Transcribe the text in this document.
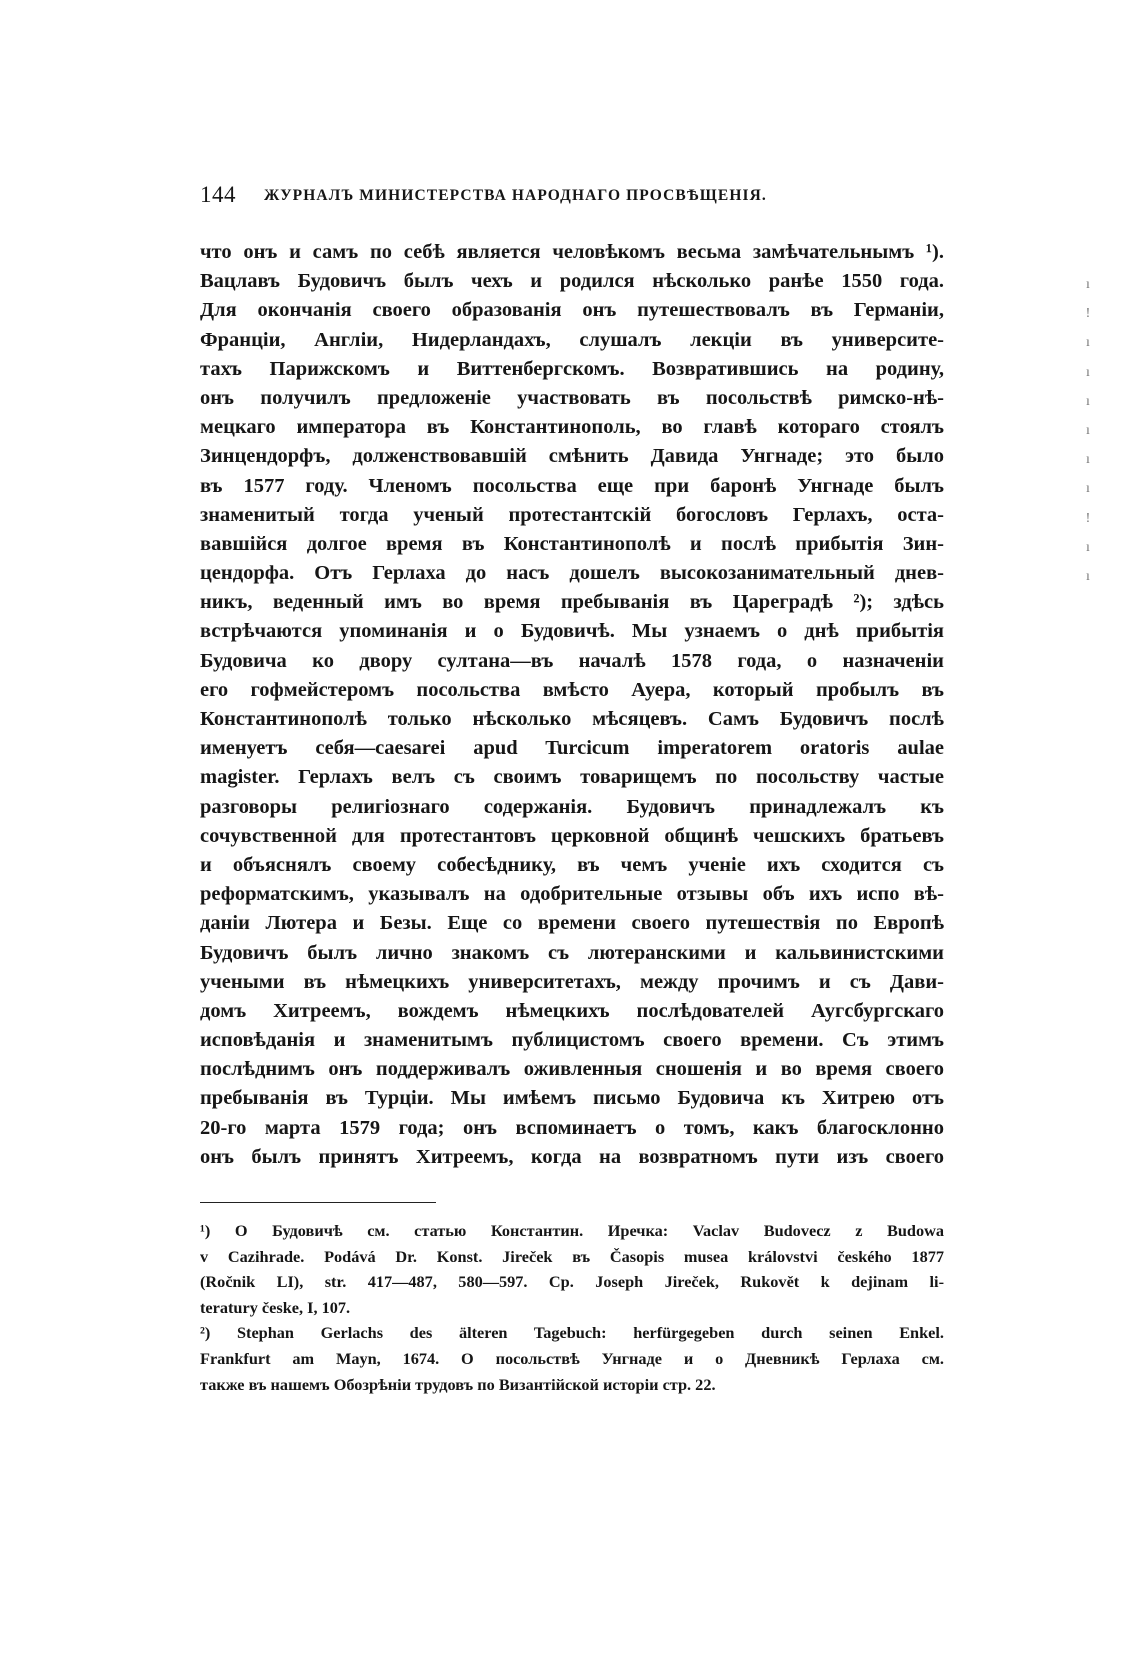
144 ЖУРНАЛЪ МИНИСТЕРСТВА НАРОДНАГО ПРОСВѢЩЕНІЯ.
что онъ и самъ по себѣ является человѣкомъ весьма замѣчательнымъ ¹).
Вацлавъ Будовичъ былъ чехъ и родился нѣсколько ранѣе 1550 года.
Для окончанія своего образованія онъ путешествовалъ въ Германіи,
Франціи, Англіи, Нидерландахъ, слушалъ лекціи въ университе-
тахъ Парижскомъ и Виттенбергскомъ. Возвратившись на родину,
онъ получилъ предложеніе участвовать въ посольствѣ римско-нѣ-
мецкаго императора въ Константинополь, во главѣ котораго стоялъ
Зинцендорфъ, долженствовавшій смѣнить Давида Унгнаде; это было
въ 1577 году. Членомъ посольства еще при баронѣ Унгнаде былъ
знаменитый тогда ученый протестантскій богословъ Герлахъ, оста-
вавшійся долгое время въ Константинополѣ и послѣ прибытія Зин-
цендорфа. Отъ Герлаха до насъ дошелъ высокозанимательный днев-
никъ, веденный имъ во время пребыванія въ Цареградѣ ²); здѣсь
встрѣчаются упоминанія и о Будовичѣ. Мы узнаемъ о днѣ прибытія
Будовича ко двору султана—въ началѣ 1578 года, о назначеніи
его гофмейстеромъ посольства вмѣсто Ауера, который пробылъ въ
Константинополѣ только нѣсколько мѣсяцевъ. Самъ Будовичъ послѣ
именуетъ себя—caesarei apud Turcicum imperatorem oratoris aulae
magister. Герлахъ велъ съ своимъ товарищемъ по посольству частые
разговоры религіознаго содержанія. Будовичъ принадлежалъ къ
сочувственной для протестантовъ церковной общинѣ чешскихъ братьевъ
и объяснялъ своему собесѣднику, въ чемъ ученіе ихъ сходится съ
реформатскимъ, указывалъ на одобрительные отзывы объ ихъ испо вѣ-
даніи Лютера и Безы. Еще со времени своего путешествія по Европѣ
Будовичъ былъ лично знакомъ съ лютеранскими и кальвинистскими
учеными въ нѣмецкихъ университетахъ, между прочимъ и съ Дави-
домъ Хитреемъ, вождемъ нѣмецкихъ послѣдователей Аугсбургскаго
исповѣданія и знаменитымъ публицистомъ своего времени. Съ этимъ
послѣднимъ онъ поддерживалъ оживленныя сношенія и во время своего
пребыванія въ Турціи. Мы имѣемъ письмо Будовича къ Хитрею отъ
20-го марта 1579 года; онъ вспоминаетъ о томъ, какъ благосклонно
онъ былъ принятъ Хитреемъ, когда на возвратномъ пути изъ своего
¹) О Будовичѣ см. статью Константин. Иречка: Vaclav Budovecz z Budowa
v Cazihrade. Podává Dr. Konst. Jireček въ Časopis musea královstvi českého 1877
(Ročnik LI), str. 417—487, 580—597. Ср. Joseph Jireček, Rukovět k dejinam li-
teratury česke, I, 107.
²) Stephan Gerlachs des älteren Tagebuch: herfürgegeben durch seinen Enkel.
Frankfurt am Mayn, 1674. О посольствѣ Унгнаде и о Дневникѣ Герлаха см.
также въ нашемъ Обозрѣніи трудовъ по Византійской исторіи стр. 22.
ı
!
ı
ı
ı
ı
ı
ı
!
ı
ı
